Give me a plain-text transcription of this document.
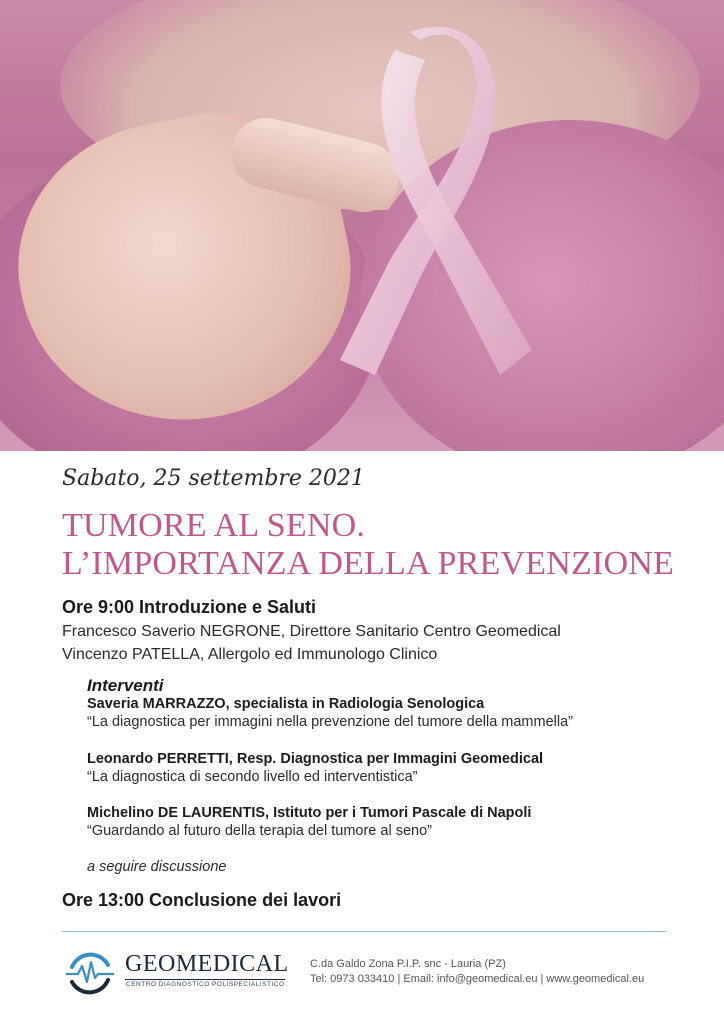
Sabato, 25 settembre 2021
TUMORE AL SENO.
L’IMPORTANZA DELLA PREVENZIONE
Ore 9:00 Introduzione e Saluti
Francesco Saverio NEGRONE, Direttore Sanitario Centro Geomedical
Vincenzo PATELLA, Allergolo ed Immunologo Clinico
Interventi
Saveria MARRAZZO, specialista in Radiologia Senologica
“La diagnostica per immagini nella prevenzione del tumore della mammella”
Leonardo PERRETTI, Resp. Diagnostica per Immagini Geomedical
“La diagnostica di secondo livello ed interventistica”
Michelino DE LAURENTIS, Istituto per i Tumori Pascale di Napoli
“Guardando al futuro della terapia del tumore al seno”
a seguire discussione
Ore 13:00 Conclusione dei lavori
GEOMEDICAL
CENTRO DIAGNOSTICO POLISPECIALISTICO
C.da Galdo Zona P.I.P. snc - Lauria (PZ)
Tel: 0973 033410 | Email: info@geomedical.eu | www.geomedical.eu
